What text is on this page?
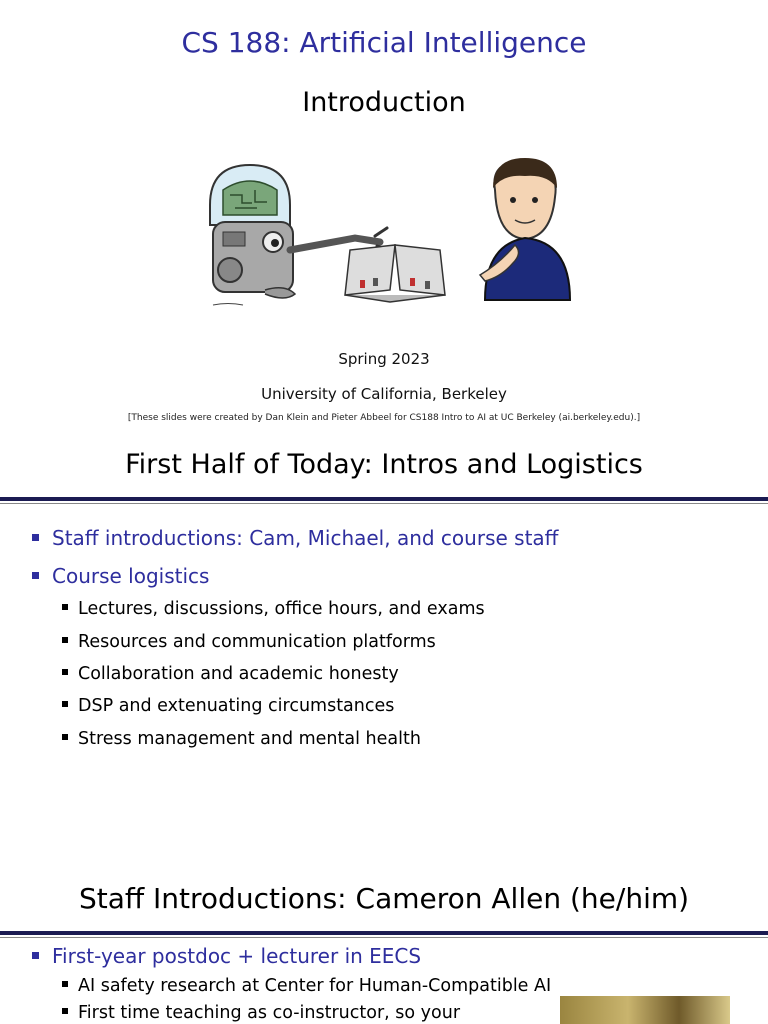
CS 188: Artificial Intelligence
Introduction
Spring 2023
University of California, Berkeley
[These slides were created by Dan Klein and Pieter Abbeel for CS188 Intro to AI at UC Berkeley (ai.berkeley.edu).]
First Half of Today: Intros and Logistics
Staff introductions: Cam, Michael, and course staff
Course logistics
Lectures, discussions, office hours, and exams
Resources and communication platforms
Collaboration and academic honesty
DSP and extenuating circumstances
Stress management and mental health
Staff Introductions: Cameron Allen (he/him)
First-year postdoc + lecturer in EECS
AI safety research at Center for Human-Compatible AI
First time teaching as co-instructor, so your
